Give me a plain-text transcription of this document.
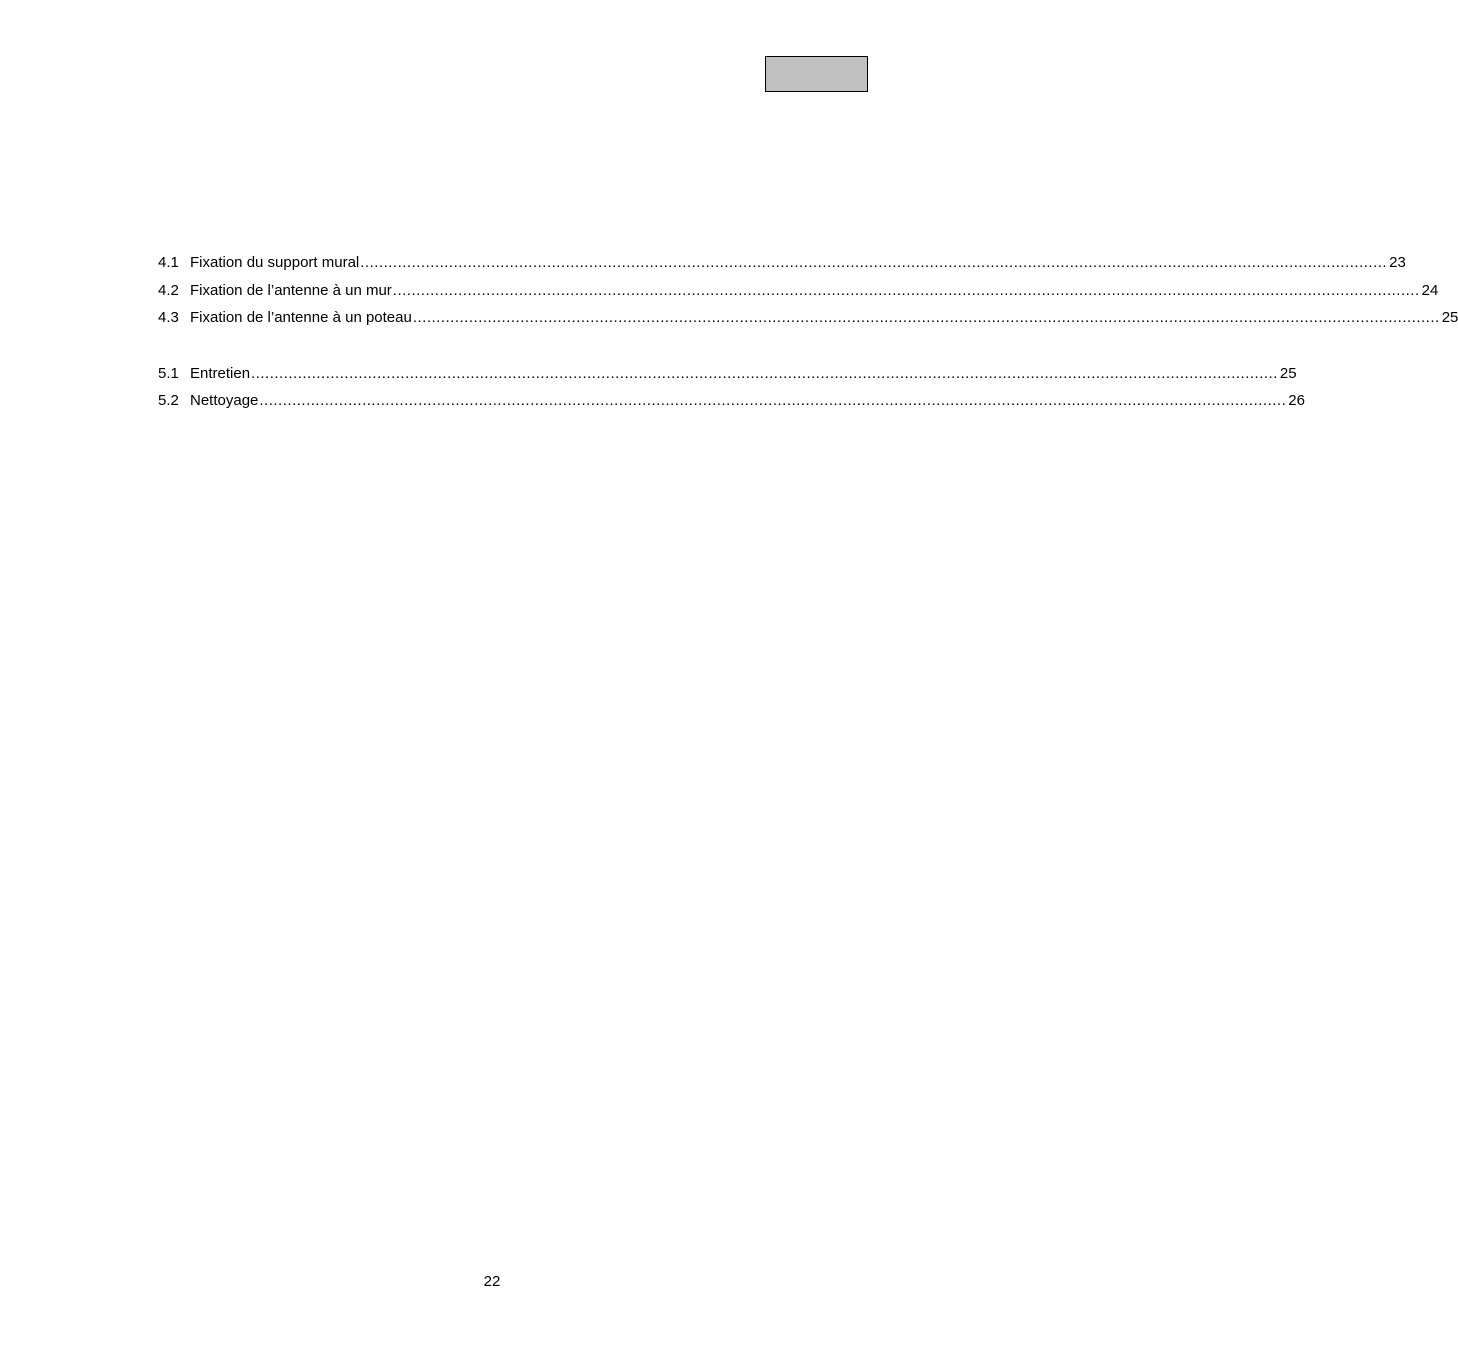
4.1 Fixation du support mural ............................................................................................................................................................................................................................ 23
4.2 Fixation de l’antenne à un mur ............................................................................................................................................................................................................................ 24
4.3 Fixation de l’antenne à un poteau ............................................................................................................................................................................................................................ 25
5.1 Entretien ............................................................................................................................................................................................................................ 25
5.2 Nettoyage ............................................................................................................................................................................................................................ 26
22
